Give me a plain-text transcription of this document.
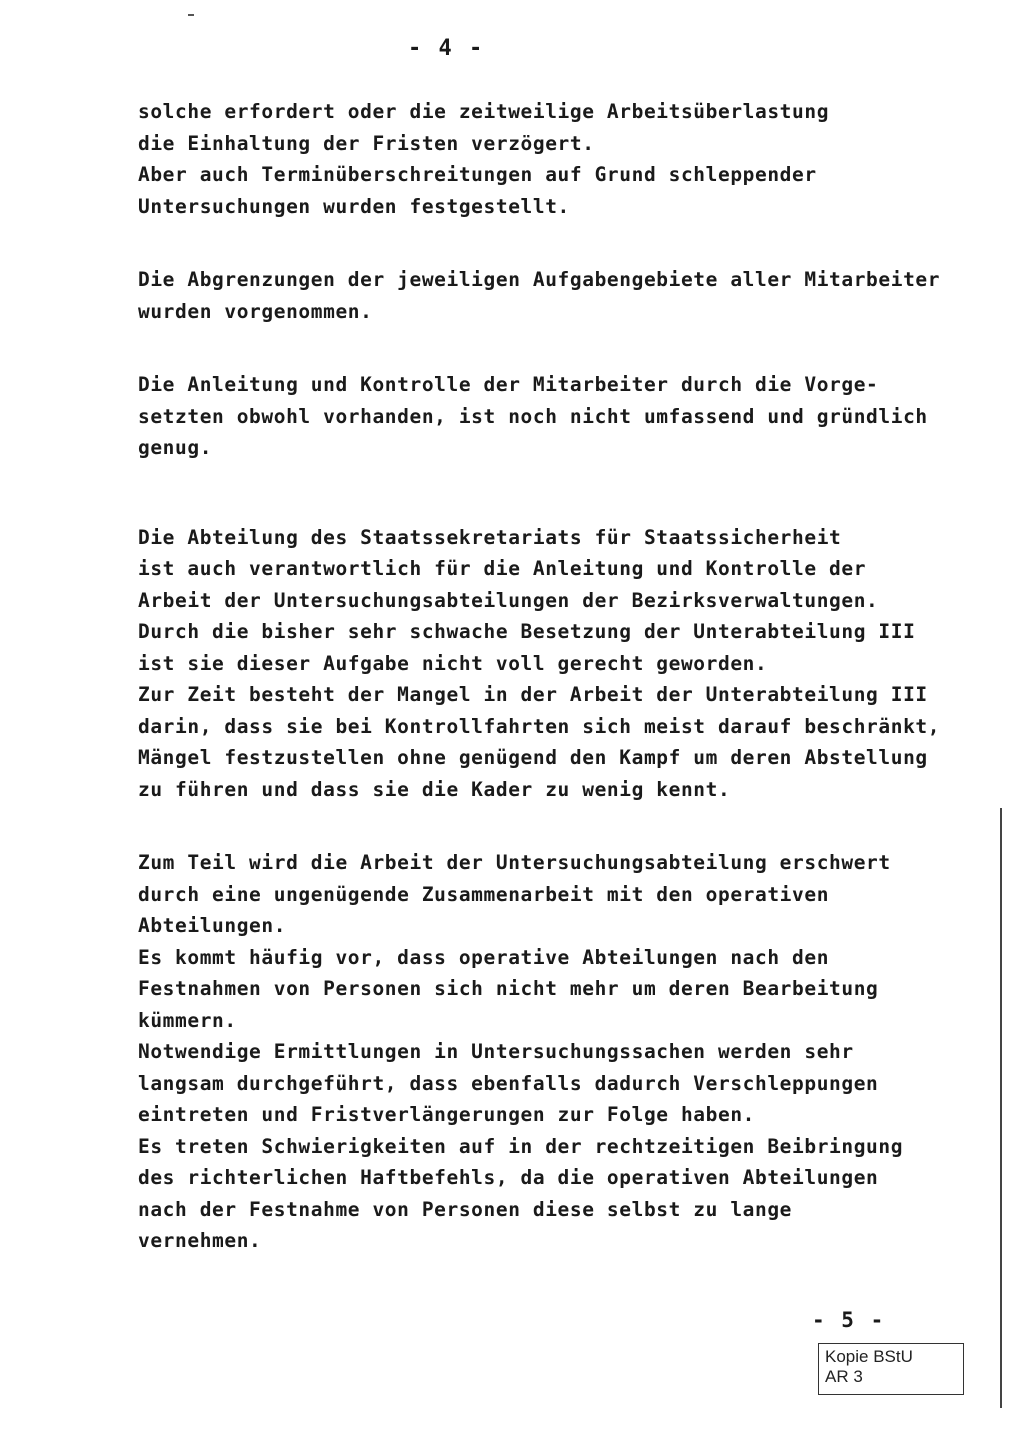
- 4 -
solche erfordert oder die zeitweilige Arbeitsüberlastung
die Einhaltung der Fristen verzögert.
Aber auch Terminüberschreitungen auf Grund schleppender
Untersuchungen wurden festgestellt.
Die Abgrenzungen der jeweiligen Aufgabengebiete aller Mitarbeiter
wurden vorgenommen.
Die Anleitung und Kontrolle der Mitarbeiter durch die Vorge-
setzten obwohl vorhanden, ist noch nicht umfassend und gründlich
genug.
Die Abteilung des Staatssekretariats für Staatssicherheit
ist auch verantwortlich für die Anleitung und Kontrolle der
Arbeit der Untersuchungsabteilungen der Bezirksverwaltungen.
Durch die bisher sehr schwache Besetzung der Unterabteilung III
ist sie dieser Aufgabe nicht voll gerecht geworden.
Zur Zeit besteht der Mangel in der Arbeit der Unterabteilung III
darin, dass sie bei Kontrollfahrten sich meist darauf beschränkt,
Mängel festzustellen ohne genügend den Kampf um deren Abstellung
zu führen und dass sie die Kader zu wenig kennt.
Zum Teil wird die Arbeit der Untersuchungsabteilung erschwert
durch eine ungenügende Zusammenarbeit mit den operativen
Abteilungen.
Es kommt häufig vor, dass operative Abteilungen nach den
Festnahmen von Personen sich nicht mehr um deren Bearbeitung
kümmern.
Notwendige Ermittlungen in Untersuchungssachen werden sehr
langsam durchgeführt, dass ebenfalls dadurch Verschleppungen
eintreten und Fristverlängerungen zur Folge haben.
Es treten Schwierigkeiten auf in der rechtzeitigen Beibringung
des richterlichen Haftbefehls, da die operativen Abteilungen
nach der Festnahme von Personen diese selbst zu lange
vernehmen.
- 5 -
Kopie BStU
AR 3
